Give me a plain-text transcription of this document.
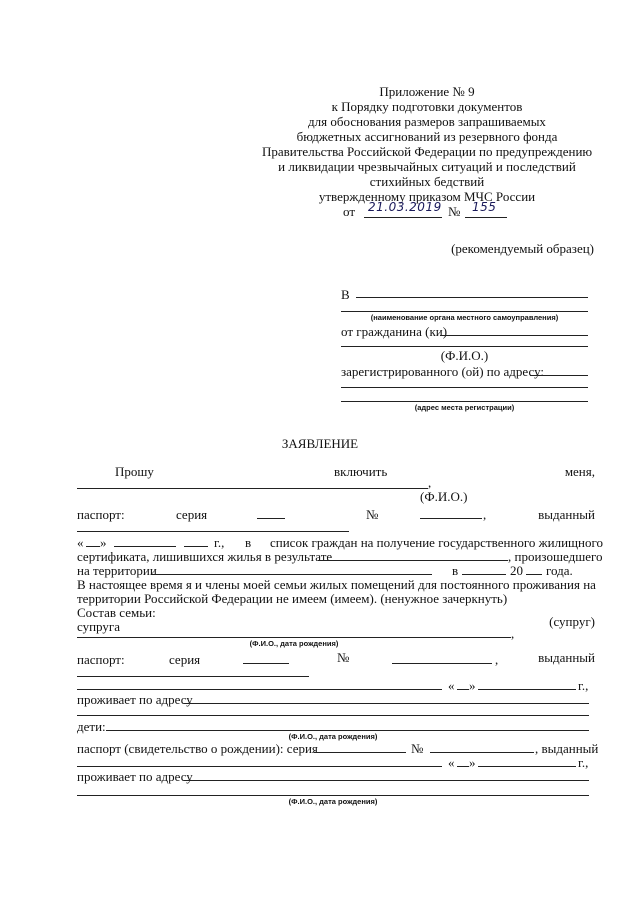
Приложение № 9
к Порядку подготовки документов
для обоснования размеров запрашиваемых
бюджетных ассигнований из резервного фонда
Правительства Российской Федерации по предупреждению
и ликвидации чрезвычайных ситуаций и последствий
стихийных бедствий
утвержденному приказом МЧС России
от 21.03.2019 № 155
(рекомендуемый образец)
В
(наименование органа местного самоуправления)
от гражданина (ки)
(Ф.И.О.)
зарегистрированного (ой) по адресу:
(адрес места регистрации)
ЗАЯВЛЕНИЕ
Прошу	включить	меня,
,
(Ф.И.О.)
паспорт:	серия	№	,	выданный
« »	г., в список граждан на получение государственного жилищного
сертификата, лишившихся жилья в результате	, произошедшего
на территории	в	20 года.
В настоящее время я и члены моей семьи жилых помещений для постоянного проживания на
территории Российской Федерации не имеем (имеем). (ненужное зачеркнуть)
Состав семьи:
супруга	(супруг)
,
(Ф.И.О., дата рождения)
паспорт:	серия	№	,	выданный
« »	г.,
проживает по адресу
дети:
(Ф.И.О., дата рождения)
паспорт (свидетельство о рождении): серия	№	, выданный
« »	г.,
проживает по адресу
(Ф.И.О., дата рождения)
